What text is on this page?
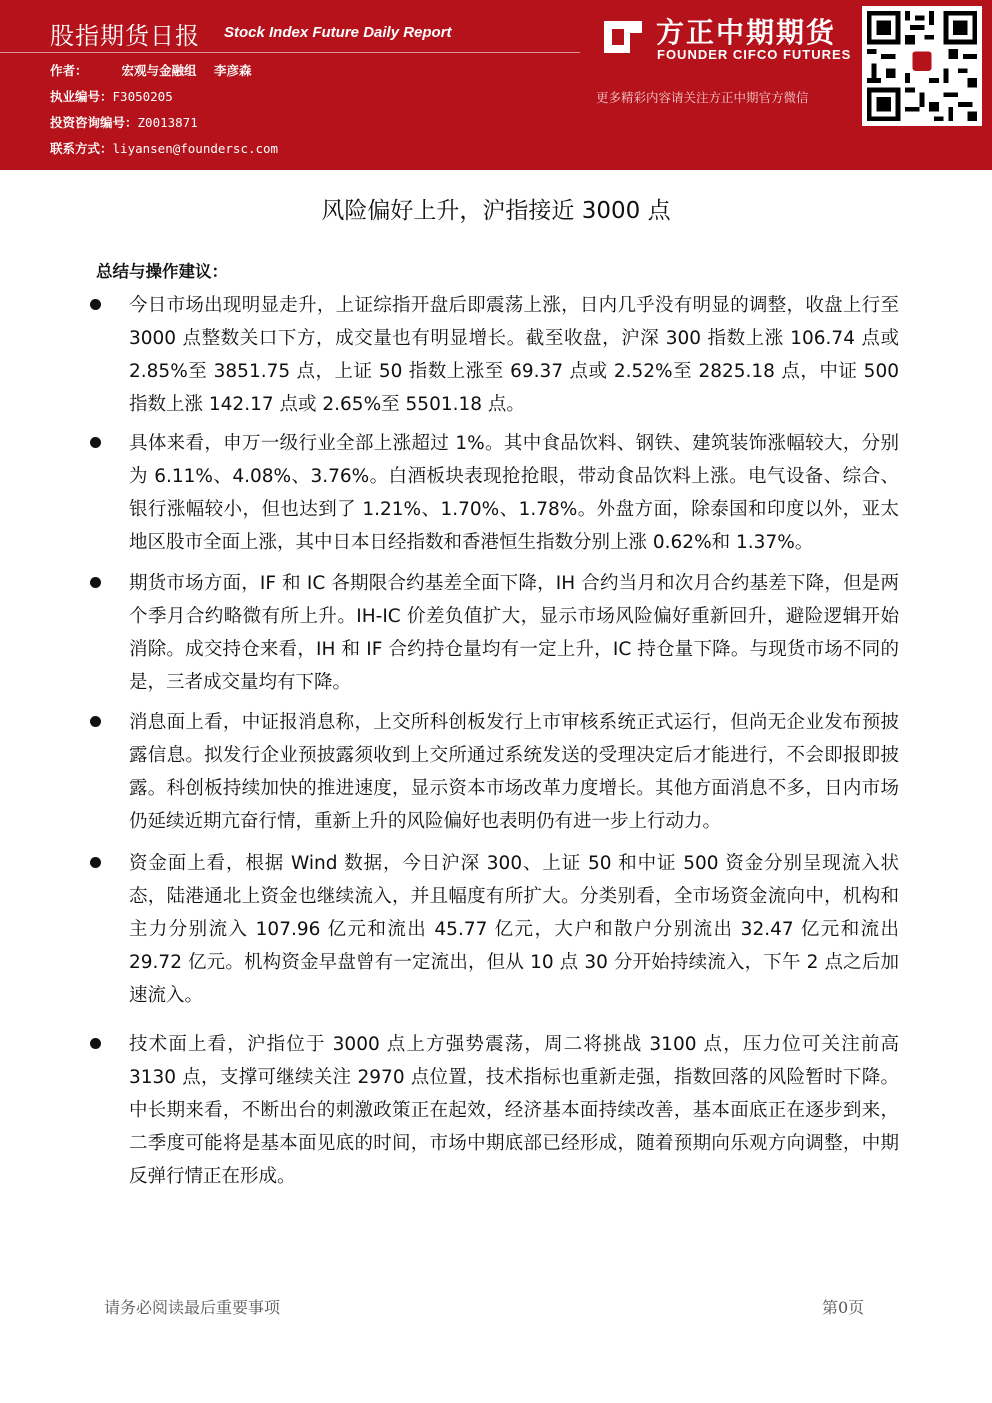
股指期货日报 Stock Index Future Daily Report
作者：	宏观与金融组 李彦森
执业编号：F3050205
投资咨询编号：Z0013871
联系方式：liyansen@foundersc.com
方正中期期货
FOUNDER CIFCO FUTURES
更多精彩内容请关注方正中期官方微信
风险偏好上升，沪指接近 3000 点
总结与操作建议：
今日市场出现明显走升，上证综指开盘后即震荡上涨，日内几乎没有明显的调整，收盘上行至 3000 点整数关口下方，成交量也有明显增长。截至收盘，沪深 300 指数上涨 106.74 点或 2.85%至 3851.75 点，上证 50 指数上涨至 69.37 点或 2.52%至 2825.18 点，中证 500 指数上涨 142.17 点或 2.65%至 5501.18 点。
具体来看，申万一级行业全部上涨超过 1%。其中食品饮料、钢铁、建筑装饰涨幅较大，分别为 6.11%、4.08%、3.76%。白酒板块表现抢抢眼，带动食品饮料上涨。电气设备、综合、银行涨幅较小，但也达到了 1.21%、1.70%、1.78%。外盘方面，除泰国和印度以外，亚太地区股市全面上涨，其中日本日经指数和香港恒生指数分别上涨 0.62%和 1.37%。
期货市场方面，IF 和 IC 各期限合约基差全面下降，IH 合约当月和次月合约基差下降，但是两个季月合约略微有所上升。IH-IC 价差负值扩大，显示市场风险偏好重新回升，避险逻辑开始消除。成交持仓来看，IH 和 IF 合约持仓量均有一定上升，IC 持仓量下降。与现货市场不同的是，三者成交量均有下降。
消息面上看，中证报消息称，上交所科创板发行上市审核系统正式运行，但尚无企业发布预披露信息。拟发行企业预披露须收到上交所通过系统发送的受理决定后才能进行，不会即报即披露。科创板持续加快的推进速度，显示资本市场改革力度增长。其他方面消息不多，日内市场仍延续近期亢奋行情，重新上升的风险偏好也表明仍有进一步上行动力。
资金面上看，根据 Wind 数据，今日沪深 300、上证 50 和中证 500 资金分别呈现流入状态，陆港通北上资金也继续流入，并且幅度有所扩大。分类别看，全市场资金流向中，机构和主力分别流入 107.96 亿元和流出 45.77 亿元，大户和散户分别流出 32.47 亿元和流出 29.72 亿元。机构资金早盘曾有一定流出，但从 10 点 30 分开始持续流入，下午 2 点之后加速流入。
技术面上看，沪指位于 3000 点上方强势震荡，周二将挑战 3100 点，压力位可关注前高 3130 点，支撑可继续关注 2970 点位置，技术指标也重新走强，指数回落的风险暂时下降。中长期来看，不断出台的刺激政策正在起效，经济基本面持续改善，基本面底正在逐步到来，二季度可能将是基本面见底的时间，市场中期底部已经形成，随着预期向乐观方向调整，中期反弹行情正在形成。
请务必阅读最后重要事项	第0页
